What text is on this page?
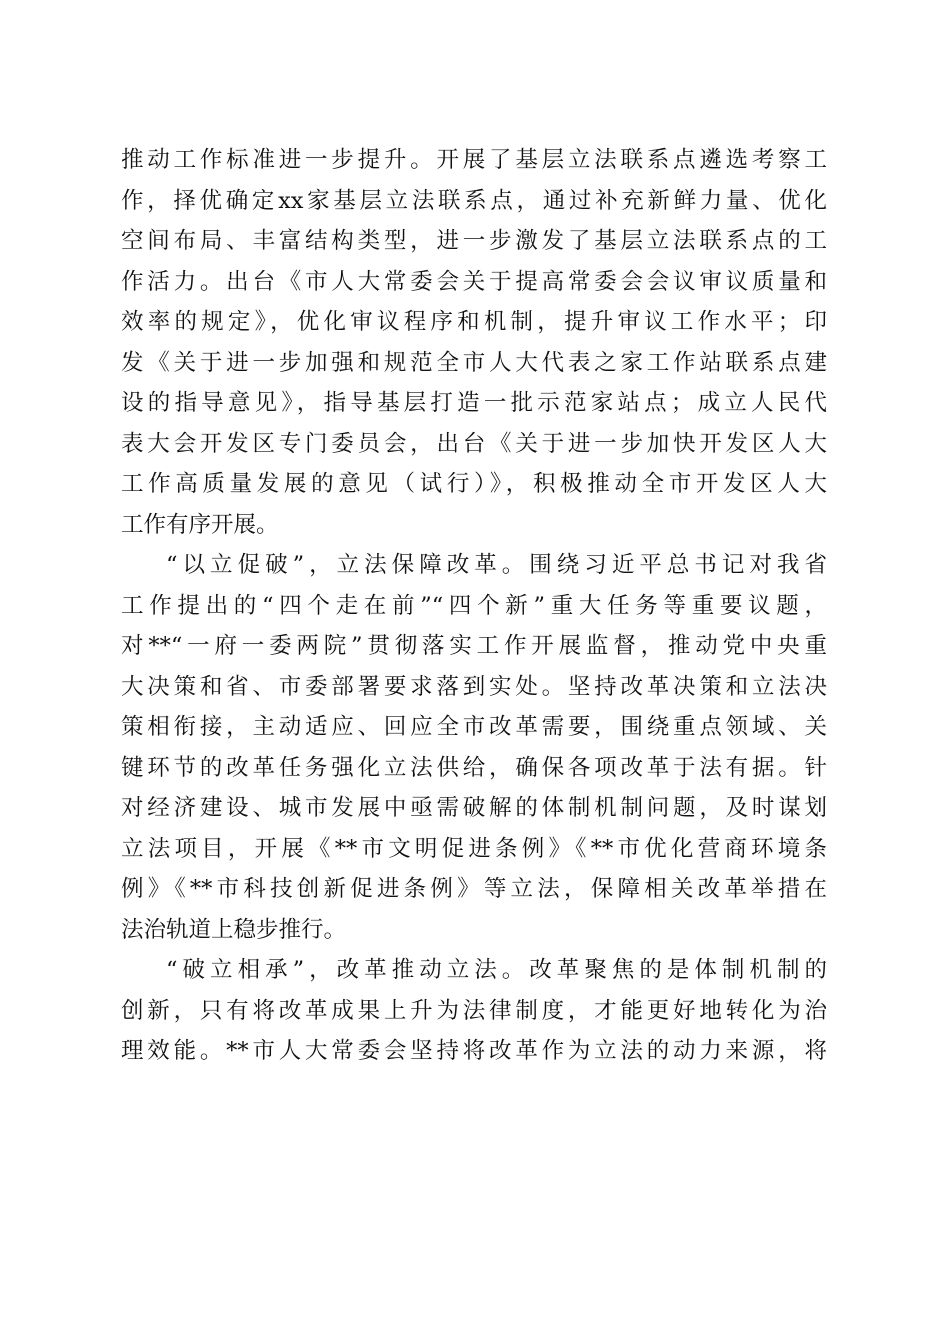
推动工作标准进一步提升。开展了基层立法联系点遴选考察工
作，择优确定xx家基层立法联系点，通过补充新鲜力量、优化
空间布局、丰富结构类型，进一步激发了基层立法联系点的工
作活力。出台《市人大常委会关于提高常委会会议审议质量和
效率的规定》，优化审议程序和机制，提升审议工作水平；印
发《关于进一步加强和规范全市人大代表之家工作站联系点建
设的指导意见》，指导基层打造一批示范家站点；成立人民代
表大会开发区专门委员会，出台《关于进一步加快开发区人大
工作高质量发展的意见（试行）》，积极推动全市开发区人大
工作有序开展。
“以立促破”，立法保障改革。围绕习近平总书记对我省
工作提出的“四个走在前”“四个新”重大任务等重要议题，
对**“一府一委两院”贯彻落实工作开展监督，推动党中央重
大决策和省、市委部署要求落到实处。坚持改革决策和立法决
策相衔接，主动适应、回应全市改革需要，围绕重点领域、关
键环节的改革任务强化立法供给，确保各项改革于法有据。针
对经济建设、城市发展中亟需破解的体制机制问题，及时谋划
立法项目，开展《**市文明促进条例》《**市优化营商环境条
例》《**市科技创新促进条例》等立法，保障相关改革举措在
法治轨道上稳步推行。
“破立相承”，改革推动立法。改革聚焦的是体制机制的
创新，只有将改革成果上升为法律制度，才能更好地转化为治
理效能。**市人大常委会坚持将改革作为立法的动力来源，将
